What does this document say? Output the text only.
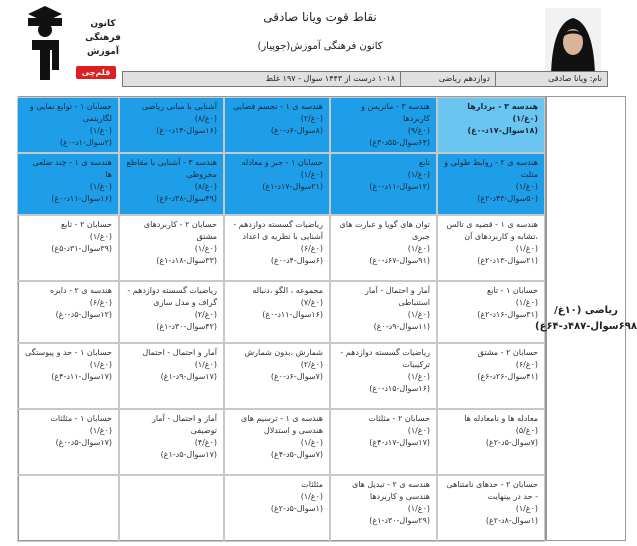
کانون
فرهنگی
آموزش
قلم‌چی
نقاط قوت ویانا صادقی
کانون فرهنگی آموزش(جوپیار)
نام: ویانا صادقی
دوازدهم ریاضی
۱۰۱۸ درست از ۱۴۴۳ سوال - ۱۹۷ غلط
هندسه ۳ - بردارها
(۰غ/۱)
(۱۸سوال-۱۷د-۰غ)
هندسه ۳ - ماتریس و کاربردها
(۰غ/۹)
(۶۴سوال-۵۵د-۳غ)
هندسه ی ۱ - تجسم فضایی
(۰غ/۲)
(۸سوال-۶د-۰غ)
آشنایی با مبانی ریاضی
(۰غ/۸)
(۱۶سوال-۱۴د-۰غ)
حسابان ۱ - توابع نمایی و لگاریتمی
(۰غ/۱)
(۲سوال-۱د-۰غ)
هندسه ی ۲ - روابط طولی و مثلث
(۰غ/۱)
(۵۰سوال-۴۳د-۲غ)
تابع
(۰غ/۱)
(۱۲سوال-۱۱د-۰غ)
حسابان ۱ - جبر و معادله
(۰غ/۱)
(۲۱سوال-۱۷د-۱غ)
هندسه ۳ - آشنایی با مقاطع مخروطی
(۰غ/۸)
(۴۹سوال-۳۸د-۶غ)
هندسه ی ۱ - چند ضلعی ها
(۰غ/۱)
(۱۶سوال-۱۱د-۰غ)
هندسه ی ۱ - قضیه ی تالس ،تشابه و کاربردهای آن
(۰غ/۱)
(۲۱سوال-۱۳د-۲غ)
توان های گویا و عبارت های جبری
(۰غ/۱)
(۹۱سوال-۶۷د-۰غ)
ریاضیات گسسته دوازدهم - آشنایی با نظریه ی اعداد
(۰غ/۶)
(۶سوال-۴د-۰غ)
حسابان ۲ - کاربردهای مشتق
(۰غ/۱)
(۳۳سوال-۱۸د-۱غ)
حسابان ۲ - تابع
(۰غ/۱)
(۳۹سوال-۳۱د-۵غ)
حسابان ۱ - تابع
(۰غ/۱)
(۳۱سوال-۱۶د-۲غ)
آمار و احتمال - آمار استنباطی
(۰غ/۱)
(۱۱سوال-۹د-۰غ)
مجموعه ، الگو ،دنباله
(۰غ/۷)
(۱۶سوال-۱۱د-۰غ)
ریاضیات گسسته دوازدهم - گراف و مدل سازی
(۰غ/۲)
(۴۲سوال-۳۰د-۱غ)
هندسه ی ۲ - دایره
(۰غ/۶)
(۱۲سوال-۵د-۰غ)
حسابان ۲ - مشتق
(۰غ/۶)
(۴۱سوال-۲۶د-۶غ)
ریاضیات گسسته دوازدهم - ترکیبیات
(۰غ/۱)
(۱۶سوال-۱۵د-۰غ)
شمارش ،بدون شمارش
(۰غ/۲)
(۷سوال-۶د-۰غ)
آمار و احتمال - احتمال
(۰غ/۱)
(۱۷سوال-۹د-۱غ)
حسابان ۱ - حد و پیوستگی
(۰غ/۱)
(۱۷سوال-۱۱د-۴غ)
معادله ها و نامعادله ها
(۰غ/۵)
(۷سوال-۵د-۲غ)
حسابان ۲ - مثلثات
(۰غ/۱)
(۱۷سوال-۱۷د-۴غ)
هندسه ی ۱ - ترسیم های هندسی و استدلال
(۰غ/۱)
(۷سوال-۵د-۴غ)
آمار و احتمال - آمار توصیفی
(۰غ/۴)
(۱۷سوال-۵د-۱غ)
حسابان ۱ - مثلثات
(۰غ/۱)
(۱۷سوال-۵د-۰غ)
حسابان ۲ - حدهای نامتناهی - حد در بینهایت
(۰غ/۱)
(۱سوال-۸د-۲غ)
هندسه ی ۲ - تبدیل های هندسی و کاربردها
(۰غ/۱)
(۲۹سوال-۳۰د-۱غ)
مثلثات
(۰غ/۱)
(۱سوال-۵د-۲غ)
ریاضی (۱۰غ/۶۹۸سوال-۴۸۷د-۶۴غ)
